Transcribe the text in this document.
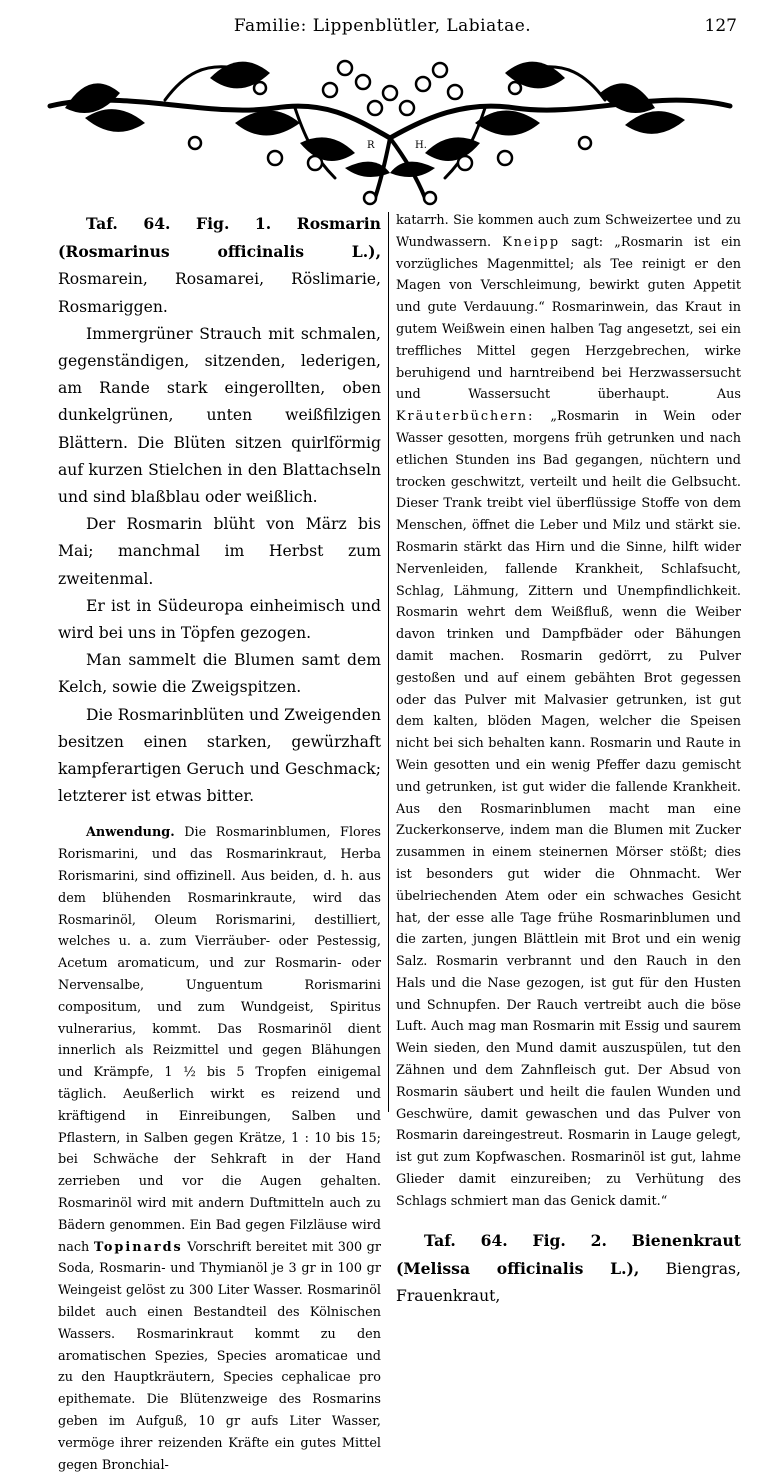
Familie: Lippenblütler, Labiatae.	127
R	H.

Taf. 64. Fig. 1. Rosmarin (Rosmarinus officinalis L.), Rosmarein, Rosamarei, Röslimarie, Rosmariggen.

Immergrüner Strauch mit schmalen, gegenständigen, sitzenden, lederigen, am Rande stark eingerollten, oben dunkelgrünen, unten weißfilzigen Blättern. Die Blüten sitzen quirlförmig auf kurzen Stielchen in den Blattachseln und sind blaßblau oder weißlich.

Der Rosmarin blüht von März bis Mai; manchmal im Herbst zum zweitenmal.

Er ist in Südeuropa einheimisch und wird bei uns in Töpfen gezogen.

Man sammelt die Blumen samt dem Kelch, sowie die Zweigspitzen.

Die Rosmarinblüten und Zweigenden besitzen einen starken, gewürzhaft kampferartigen Geruch und Geschmack; letzterer ist etwas bitter.

Anwendung. Die Rosmarinblumen, Flores Rorismarini, und das Rosmarinkraut, Herba Rorismarini, sind offizinell. Aus beiden, d. h. aus dem blühenden Rosmarinkraute, wird das Rosmarinöl, Oleum Rorismarini, destilliert, welches u. a. zum Vierräuber- oder Pestessig, Acetum aromaticum, und zur Rosmarin- oder Nervensalbe, Unguentum Rorismarini compositum, und zum Wundgeist, Spiritus vulnerarius, kommt. Das Rosmarinöl dient innerlich als Reizmittel und gegen Blähungen und Krämpfe, 1 ½ bis 5 Tropfen einigemal täglich. Aeußerlich wirkt es reizend und kräftigend in Einreibungen, Salben und Pflastern, in Salben gegen Krätze, 1 : 10 bis 15; bei Schwäche der Sehkraft in der Hand zerrieben und vor die Augen gehalten. Rosmarinöl wird mit andern Duftmitteln auch zu Bädern genommen. Ein Bad gegen Filzläuse wird nach Topinards Vorschrift bereitet mit 300 gr Soda, Rosmarin- und Thymianöl je 3 gr in 100 gr Weingeist gelöst zu 300 Liter Wasser. Rosmarinöl bildet auch einen Bestandteil des Kölnischen Wassers. Rosmarinkraut kommt zu den aromatischen Spezies, Species aromaticae und zu den Hauptkräutern, Species cephalicae pro epithemate. Die Blütenzweige des Rosmarins geben im Aufguß, 10 gr aufs Liter Wasser, vermöge ihrer reizenden Kräfte ein gutes Mittel gegen Bronchial-

katarrh. Sie kommen auch zum Schweizertee und zu Wundwassern. Kneipp sagt: „Rosmarin ist ein vorzügliches Magenmittel; als Tee reinigt er den Magen von Verschleimung, bewirkt guten Appetit und gute Verdauung.“ Rosmarinwein, das Kraut in gutem Weißwein einen halben Tag angesetzt, sei ein treffliches Mittel gegen Herzgebrechen, wirke beruhigend und harntreibend bei Herzwassersucht und Wassersucht überhaupt. Aus Kräuterbüchern: „Rosmarin in Wein oder Wasser gesotten, morgens früh getrunken und nach etlichen Stunden ins Bad gegangen, nüchtern und trocken geschwitzt, verteilt und heilt die Gelbsucht. Dieser Trank treibt viel überflüssige Stoffe von dem Menschen, öffnet die Leber und Milz und stärkt sie. Rosmarin stärkt das Hirn und die Sinne, hilft wider Nervenleiden, fallende Krankheit, Schlafsucht, Schlag, Lähmung, Zittern und Unempfindlichkeit. Rosmarin wehrt dem Weißfluß, wenn die Weiber davon trinken und Dampfbäder oder Bähungen damit machen. Rosmarin gedörrt, zu Pulver gestoßen und auf einem gebähten Brot gegessen oder das Pulver mit Malvasier getrunken, ist gut dem kalten, blöden Magen, welcher die Speisen nicht bei sich behalten kann. Rosmarin und Raute in Wein gesotten und ein wenig Pfeffer dazu gemischt und getrunken, ist gut wider die fallende Krankheit. Aus den Rosmarinblumen macht man eine Zuckerkonserve, indem man die Blumen mit Zucker zusammen in einem steinernen Mörser stößt; dies ist besonders gut wider die Ohnmacht. Wer übelriechenden Atem oder ein schwaches Gesicht hat, der esse alle Tage frühe Rosmarinblumen und die zarten, jungen Blättlein mit Brot und ein wenig Salz. Rosmarin verbrannt und den Rauch in den Hals und die Nase gezogen, ist gut für den Husten und Schnupfen. Der Rauch vertreibt auch die böse Luft. Auch mag man Rosmarin mit Essig und saurem Wein sieden, den Mund damit auszuspülen, tut den Zähnen und dem Zahnfleisch gut. Der Absud von Rosmarin säubert und heilt die faulen Wunden und Geschwüre, damit gewaschen und das Pulver von Rosmarin dareingestreut. Rosmarin in Lauge gelegt, ist gut zum Kopfwaschen. Rosmarinöl ist gut, lahme Glieder damit einzureiben; zu Verhütung des Schlags schmiert man das Genick damit.“

Taf. 64. Fig. 2. Bienenkraut (Melissa officinalis L.), Biengras, Frauenkraut,
